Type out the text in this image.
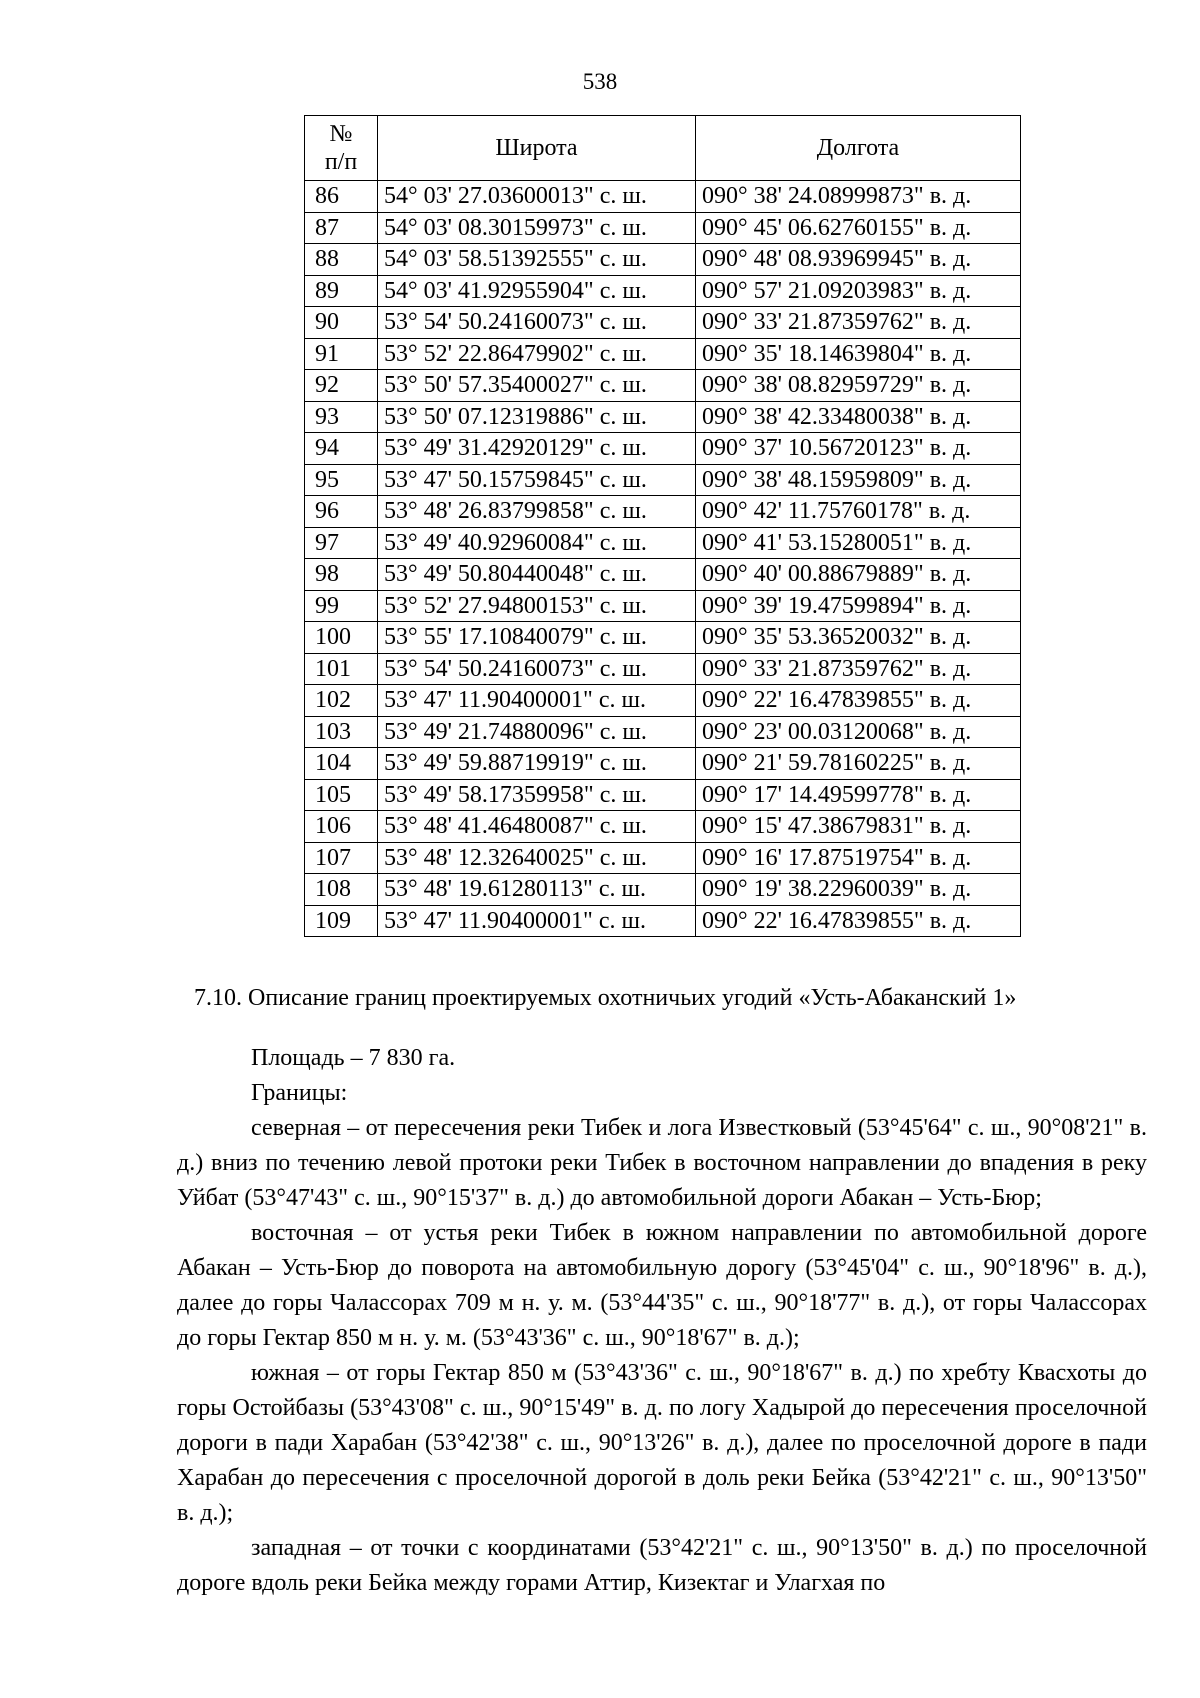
538
№
п/п	Широта	Долгота
86	54° 03' 27.03600013" с. ш.	090° 38' 24.08999873" в. д.
87	54° 03' 08.30159973" с. ш.	090° 45' 06.62760155" в. д.
88	54° 03' 58.51392555" с. ш.	090° 48' 08.93969945" в. д.
89	54° 03' 41.92955904" с. ш.	090° 57' 21.09203983" в. д.
90	53° 54' 50.24160073" с. ш.	090° 33' 21.87359762" в. д.
91	53° 52' 22.86479902" с. ш.	090° 35' 18.14639804" в. д.
92	53° 50' 57.35400027" с. ш.	090° 38' 08.82959729" в. д.
93	53° 50' 07.12319886" с. ш.	090° 38' 42.33480038" в. д.
94	53° 49' 31.42920129" с. ш.	090° 37' 10.56720123" в. д.
95	53° 47' 50.15759845" с. ш.	090° 38' 48.15959809" в. д.
96	53° 48' 26.83799858" с. ш.	090° 42' 11.75760178" в. д.
97	53° 49' 40.92960084" с. ш.	090° 41' 53.15280051" в. д.
98	53° 49' 50.80440048" с. ш.	090° 40' 00.88679889" в. д.
99	53° 52' 27.94800153" с. ш.	090° 39' 19.47599894" в. д.
100	53° 55' 17.10840079" с. ш.	090° 35' 53.36520032" в. д.
101	53° 54' 50.24160073" с. ш.	090° 33' 21.87359762" в. д.
102	53° 47' 11.90400001" с. ш.	090° 22' 16.47839855" в. д.
103	53° 49' 21.74880096" с. ш.	090° 23' 00.03120068" в. д.
104	53° 49' 59.88719919" с. ш.	090° 21' 59.78160225" в. д.
105	53° 49' 58.17359958" с. ш.	090° 17' 14.49599778" в. д.
106	53° 48' 41.46480087" с. ш.	090° 15' 47.38679831" в. д.
107	53° 48' 12.32640025" с. ш.	090° 16' 17.87519754" в. д.
108	53° 48' 19.61280113" с. ш.	090° 19' 38.22960039" в. д.
109	53° 47' 11.90400001" с. ш.	090° 22' 16.47839855" в. д.
7.10. Описание границ проектируемых охотничьих угодий «Усть-Абаканский 1»

Площадь – 7 830 га.

Границы:

северная – от пересечения реки Тибек и лога Известковый (53°45'64" с. ш., 90°08'21" в. д.) вниз по течению левой протоки реки Тибек в восточном направлении до впадения в реку Уйбат (53°47'43" с. ш., 90°15'37" в. д.) до автомобильной дороги Абакан – Усть-Бюр;

восточная – от устья реки Тибек в южном направлении по автомобильной дороге Абакан – Усть-Бюр до поворота на автомобильную дорогу (53°45'04" с. ш., 90°18'96" в. д.), далее до горы Чалассорах 709 м н. у. м. (53°44'35" с. ш., 90°18'77" в. д.), от горы Чалассорах до горы Гектар 850 м н. у. м. (53°43'36" с. ш., 90°18'67" в. д.);

южная – от горы Гектар 850 м (53°43'36" с. ш., 90°18'67" в. д.) по хребту Квасхоты до горы Остойбазы (53°43'08" с. ш., 90°15'49" в. д. по логу Хадырой до пересечения проселочной дороги в пади Харабан (53°42'38" с. ш., 90°13'26" в. д.), далее по проселочной дороге в пади Харабан до пересечения с проселочной дорогой в доль реки Бейка (53°42'21" с. ш., 90°13'50" в. д.);

западная – от точки с координатами (53°42'21" с. ш., 90°13'50" в. д.) по проселочной дороге вдоль реки Бейка между горами Аттир, Кизектаг и Улагхая по
